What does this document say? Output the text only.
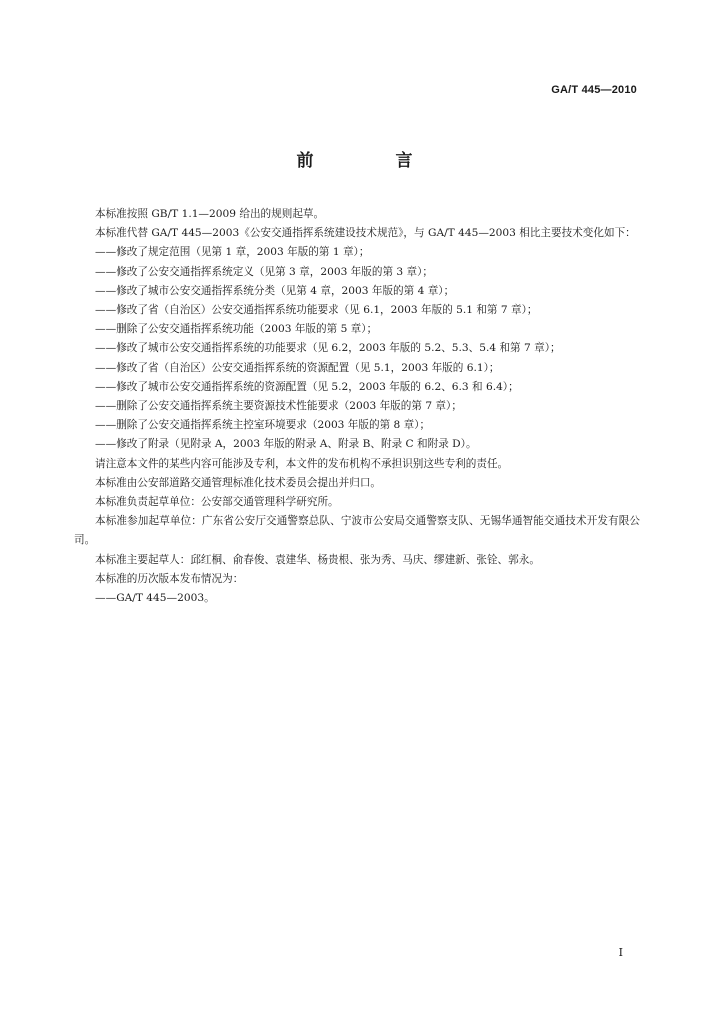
GA/T 445—2010
前 言

本标准按照 GB/T 1.1—2009 给出的规则起草。

本标准代替 GA/T 445—2003《公安交通指挥系统建设技术规范》，与 GA/T 445—2003 相比主要技术变化如下：

——修改了规定范围（见第 1 章，2003 年版的第 1 章）；

——修改了公安交通指挥系统定义（见第 3 章，2003 年版的第 3 章）；

——修改了城市公安交通指挥系统分类（见第 4 章，2003 年版的第 4 章）；

——修改了省（自治区）公安交通指挥系统功能要求（见 6.1，2003 年版的 5.1 和第 7 章）；

——删除了公安交通指挥系统功能（2003 年版的第 5 章）；

——修改了城市公安交通指挥系统的功能要求（见 6.2，2003 年版的 5.2、5.3、5.4 和第 7 章）；

——修改了省（自治区）公安交通指挥系统的资源配置（见 5.1，2003 年版的 6.1）；

——修改了城市公安交通指挥系统的资源配置（见 5.2，2003 年版的 6.2、6.3 和 6.4）；

——删除了公安交通指挥系统主要资源技术性能要求（2003 年版的第 7 章）；

——删除了公安交通指挥系统主控室环境要求（2003 年版的第 8 章）；

——修改了附录（见附录 A，2003 年版的附录 A、附录 B、附录 C 和附录 D）。

请注意本文件的某些内容可能涉及专利，本文件的发布机构不承担识别这些专利的责任。

本标准由公安部道路交通管理标准化技术委员会提出并归口。

本标准负责起草单位：公安部交通管理科学研究所。

本标准参加起草单位：广东省公安厅交通警察总队、宁波市公安局交通警察支队、无锡华通智能交通技术开发有限公司。

本标准主要起草人：邱红桐、俞春俊、袁建华、杨贵根、张为秀、马庆、缪建新、张铨、郭永。

本标准的历次版本发布情况为：

——GA/T 445—2003。

I
